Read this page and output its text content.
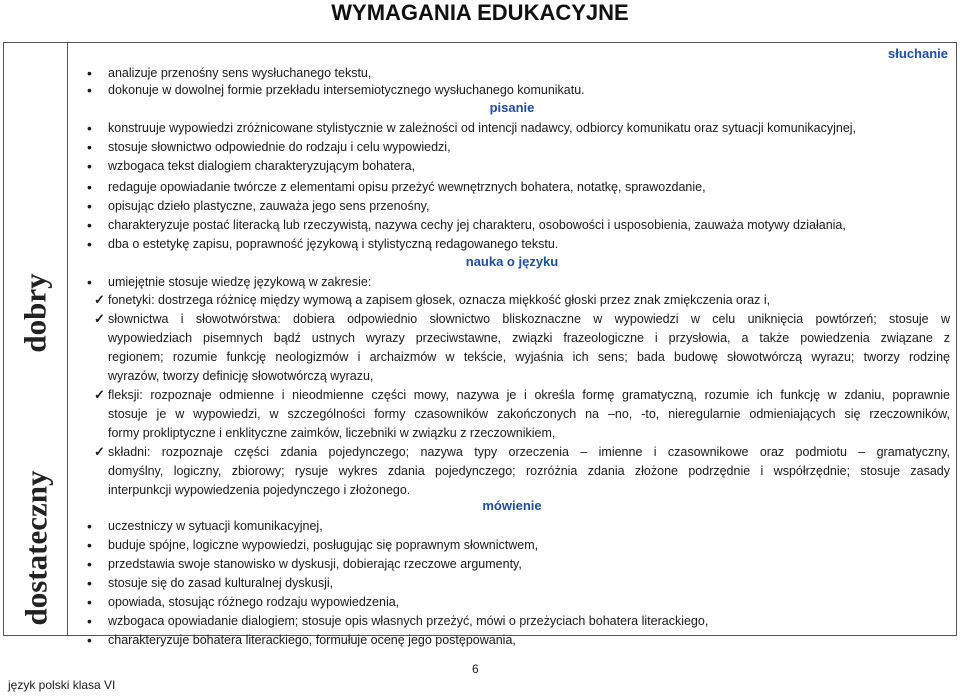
WYMAGANIA EDUKACYJNE
dobry
dostateczny
słuchanie
• analizuje przenośny sens wysłuchanego tekstu,
• dokonuje w dowolnej formie przekładu intersemiotycznego wysłuchanego komunikatu.
pisanie
• konstruuje wypowiedzi zróżnicowane stylistycznie w zależności od intencji nadawcy, odbiorcy komunikatu oraz sytuacji komunikacyjnej,
• stosuje słownictwo odpowiednie do rodzaju i celu wypowiedzi,
• wzbogaca tekst dialogiem charakteryzującym bohatera,
• redaguje opowiadanie twórcze z elementami opisu przeżyć wewnętrznych bohatera, notatkę, sprawozdanie,
• opisując dzieło plastyczne, zauważa jego sens przenośny,
• charakteryzuje postać literacką lub rzeczywistą, nazywa cechy jej charakteru, osobowości i usposobienia, zauważa motywy działania,
• dba o estetykę zapisu, poprawność językową i stylistyczną redagowanego tekstu.
nauka o języku
• umiejętnie stosuje wiedzę językową w zakresie:
✓ fonetyki: dostrzega różnicę między wymową a zapisem głosek, oznacza miękkość głoski przez znak zmiękczenia oraz i,
✓ słownictwa i słowotwórstwa: dobiera odpowiednio słownictwo bliskoznaczne w wypowiedzi w celu uniknięcia powtórzeń; stosuje w
wypowiedziach pisemnych bądź ustnych wyrazy przeciwstawne, związki frazeologiczne i przysłowia, a także powiedzenia związane z
regionem; rozumie funkcję neologizmów i archaizmów w tekście, wyjaśnia ich sens; bada budowę słowotwórczą wyrazu; tworzy rodzinę
wyrazów, tworzy definicję słowotwórczą wyrazu,
✓ fleksji: rozpoznaje odmienne i nieodmienne części mowy, nazywa je i określa formę gramatyczną, rozumie ich funkcję w zdaniu, poprawnie
stosuje je w wypowiedzi, w szczególności formy czasowników zakończonych na –no, -to, nieregularnie odmieniających się rzeczowników,
formy prokliptyczne i enklityczne zaimków, liczebniki w związku z rzeczownikiem,
✓ składni: rozpoznaje części zdania pojedynczego; nazywa typy orzeczenia – imienne i czasownikowe oraz podmiotu – gramatyczny,
domyślny, logiczny, zbiorowy; rysuje wykres zdania pojedynczego; rozróżnia zdania złożone podrzędnie i współrzędnie; stosuje zasady
interpunkcji wypowiedzenia pojedynczego i złożonego.
mówienie
• uczestniczy w sytuacji komunikacyjnej,
• buduje spójne, logiczne wypowiedzi, posługując się poprawnym słownictwem,
• przedstawia swoje stanowisko w dyskusji, dobierając rzeczowe argumenty,
• stosuje się do zasad kulturalnej dyskusji,
• opowiada, stosując różnego rodzaju wypowiedzenia,
• wzbogaca opowiadanie dialogiem; stosuje opis własnych przeżyć, mówi o przeżyciach bohatera literackiego,
• charakteryzuje bohatera literackiego, formułuje ocenę jego postępowania,
6
język polski klasa VI
